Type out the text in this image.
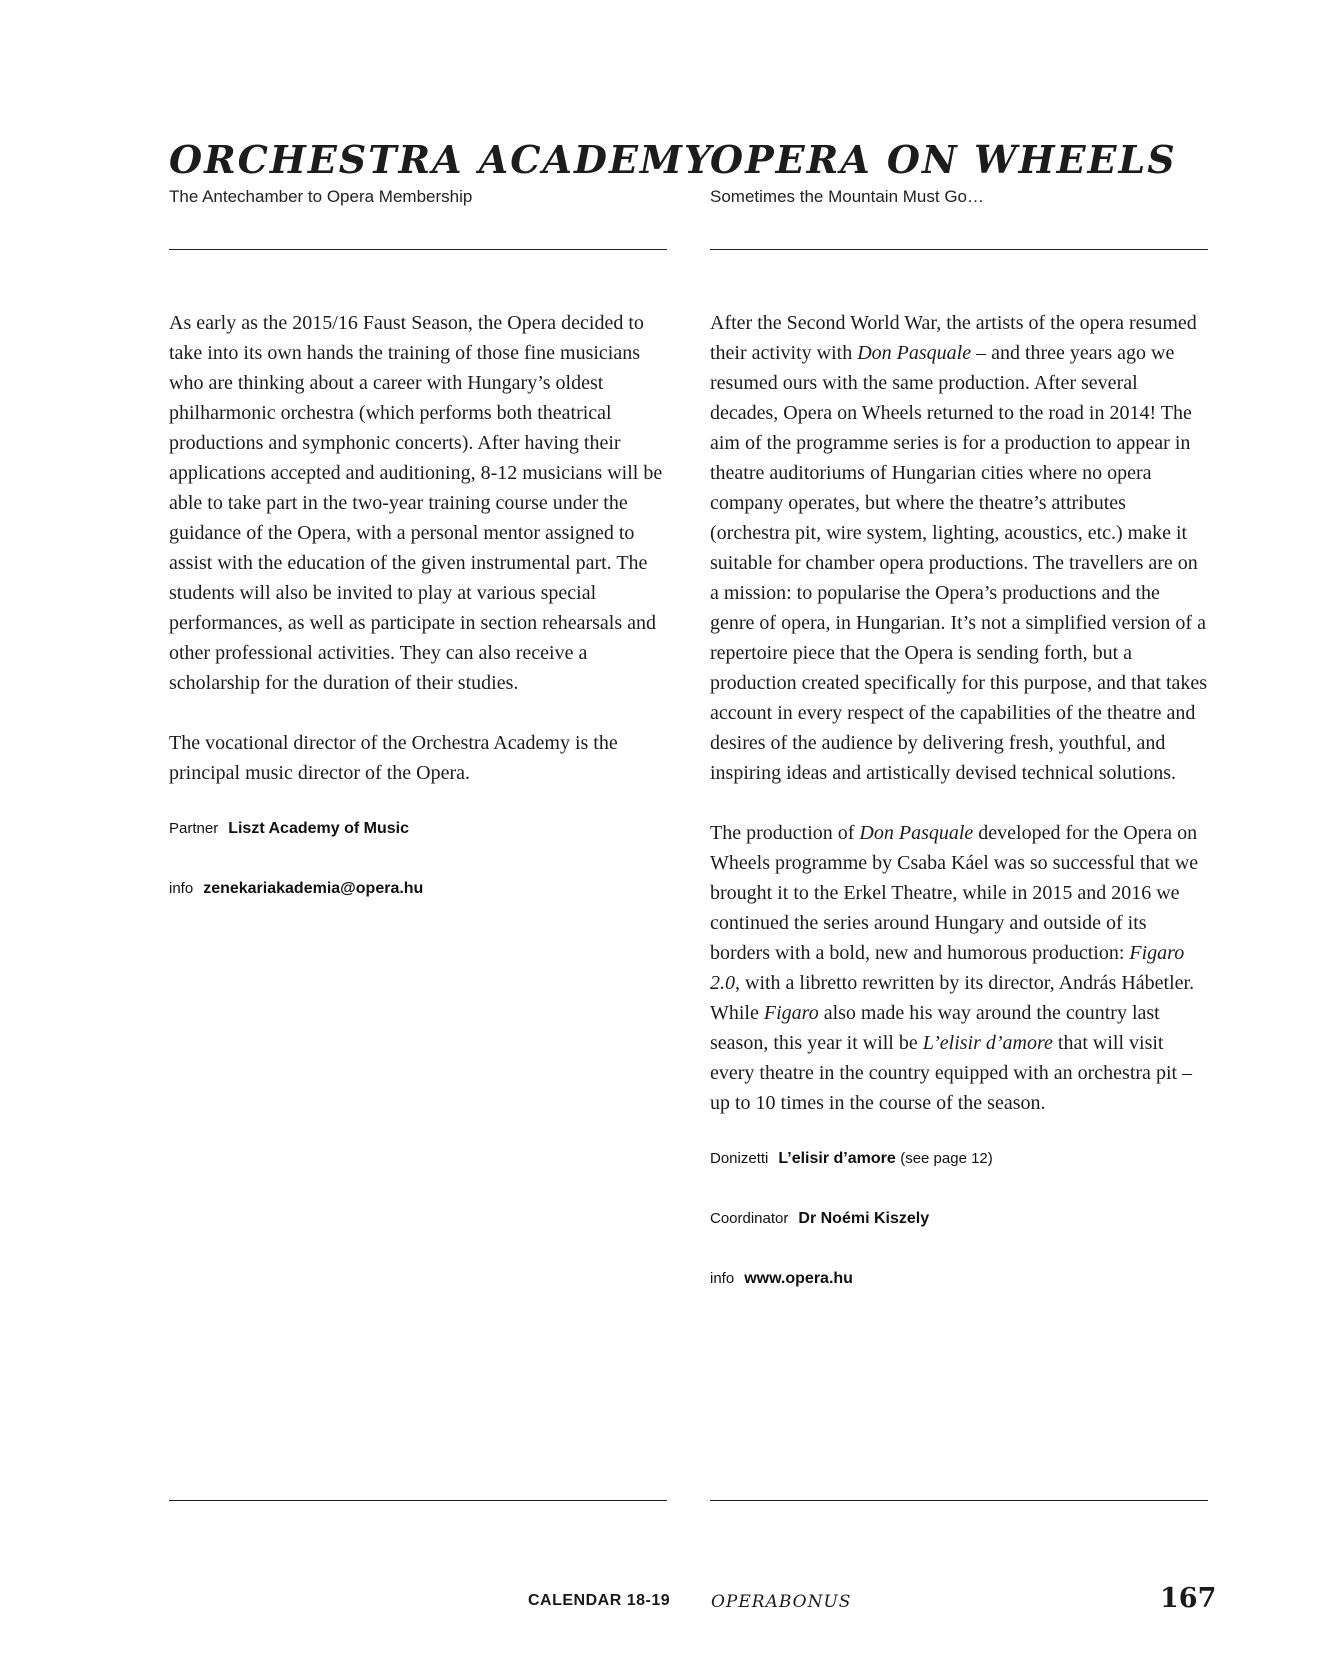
ORCHESTRA ACADEMY
The Antechamber to Opera Membership
OPERA ON WHEELS
Sometimes the Mountain Must Go…

As early as the 2015/16 Faust Season, the Opera decided to take into its own hands the training of those fine musicians who are thinking about a career with Hungary’s oldest philharmonic orchestra (which performs both theatrical productions and symphonic concerts). After having their applications accepted and auditioning, 8-12 musicians will be able to take part in the two-year training course under the guidance of the Opera, with a personal mentor assigned to assist with the education of the given instrumental part. The students will also be invited to play at various special performances, as well as participate in section rehearsals and other professional activities. They can also receive a scholarship for the duration of their studies.

The vocational director of the Orchestra Academy is the principal music director of the Opera.

Partner Liszt Academy of Music
info zenekariakademia@opera.hu

After the Second World War, the artists of the opera resumed their activity with Don Pasquale – and three years ago we resumed ours with the same production. After several decades, Opera on Wheels returned to the road in 2014! The aim of the programme series is for a production to appear in theatre auditoriums of Hungarian cities where no opera company operates, but where the theatre’s attributes (orchestra pit, wire system, lighting, acoustics, etc.) make it suitable for chamber opera productions. The travellers are on a mission: to popularise the Opera’s productions and the genre of opera, in Hungarian. It’s not a simplified version of a repertoire piece that the Opera is sending forth, but a production created specifically for this purpose, and that takes account in every respect of the capabilities of the theatre and desires of the audience by delivering fresh, youthful, and inspiring ideas and artistically devised technical solutions.

The production of Don Pasquale developed for the Opera on Wheels programme by Csaba Káel was so successful that we brought it to the Erkel Theatre, while in 2015 and 2016 we continued the series around Hungary and outside of its borders with a bold, new and humorous production: Figaro 2.0, with a libretto rewritten by its director, András Hábetler. While Figaro also made his way around the country last season, this year it will be L’elisir d’amore that will visit every theatre in the country equipped with an orchestra pit – up to 10 times in the course of the season.

Donizetti L’elisir d’amore (see page 12)
Coordinator Dr Noémi Kiszely
info www.opera.hu
CALENDAR 18-19 OPERABONUS	167
